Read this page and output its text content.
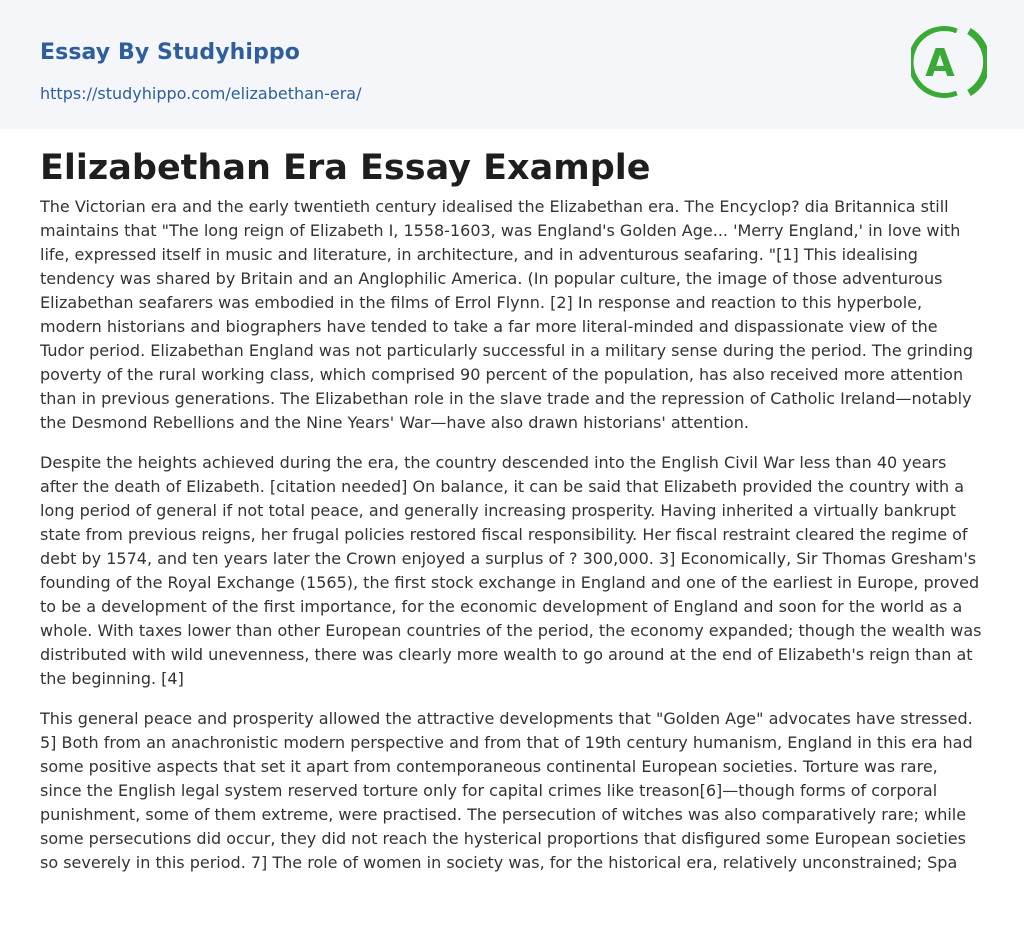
Essay By Studyhippo
https://studyhippo.com/elizabethan-era/
A
Elizabethan Era Essay Example

The Victorian era and the early twentieth century idealised the Elizabethan era. The Encyclop? dia Britannica still maintains that "The long reign of Elizabeth I, 1558-1603, was England's Golden Age... 'Merry England,' in love with life, expressed itself in music and literature, in architecture, and in adventurous seafaring. "[1] This idealising tendency was shared by Britain and an Anglophilic America. (In popular culture, the image of those adventurous Elizabethan seafarers was embodied in the films of Errol Flynn. [2] In response and reaction to this hyperbole, modern historians and biographers have tended to take a far more literal-minded and dispassionate view of the Tudor period. Elizabethan England was not particularly successful in a military sense during the period. The grinding poverty of the rural working class, which comprised 90 percent of the population, has also received more attention than in previous generations. The Elizabethan role in the slave trade and the repression of Catholic Ireland—notably the Desmond Rebellions and the Nine Years' War—have also drawn historians' attention.

Despite the heights achieved during the era, the country descended into the English Civil War less than 40 years after the death of Elizabeth. [citation needed] On balance, it can be said that Elizabeth provided the country with a long period of general if not total peace, and generally increasing prosperity. Having inherited a virtually bankrupt state from previous reigns, her frugal policies restored fiscal responsibility. Her fiscal restraint cleared the regime of debt by 1574, and ten years later the Crown enjoyed a surplus of ? 300,000. 3] Economically, Sir Thomas Gresham's founding of the Royal Exchange (1565), the first stock exchange in England and one of the earliest in Europe, proved to be a development of the first importance, for the economic development of England and soon for the world as a whole. With taxes lower than other European countries of the period, the economy expanded; though the wealth was distributed with wild unevenness, there was clearly more wealth to go around at the end of Elizabeth's reign than at the beginning. [4]

This general peace and prosperity allowed the attractive developments that "Golden Age" advocates have stressed. 5] Both from an anachronistic modern perspective and from that of 19th century humanism, England in this era had some positive aspects that set it apart from contemporaneous continental European societies. Torture was rare, since the English legal system reserved torture only for capital crimes like treason[6]—though forms of corporal punishment, some of them extreme, were practised. The persecution of witches was also comparatively rare; while some persecutions did occur, they did not reach the hysterical proportions that disfigured some European societies so severely in this period. 7] The role of women in society was, for the historical era, relatively unconstrained; Spa
